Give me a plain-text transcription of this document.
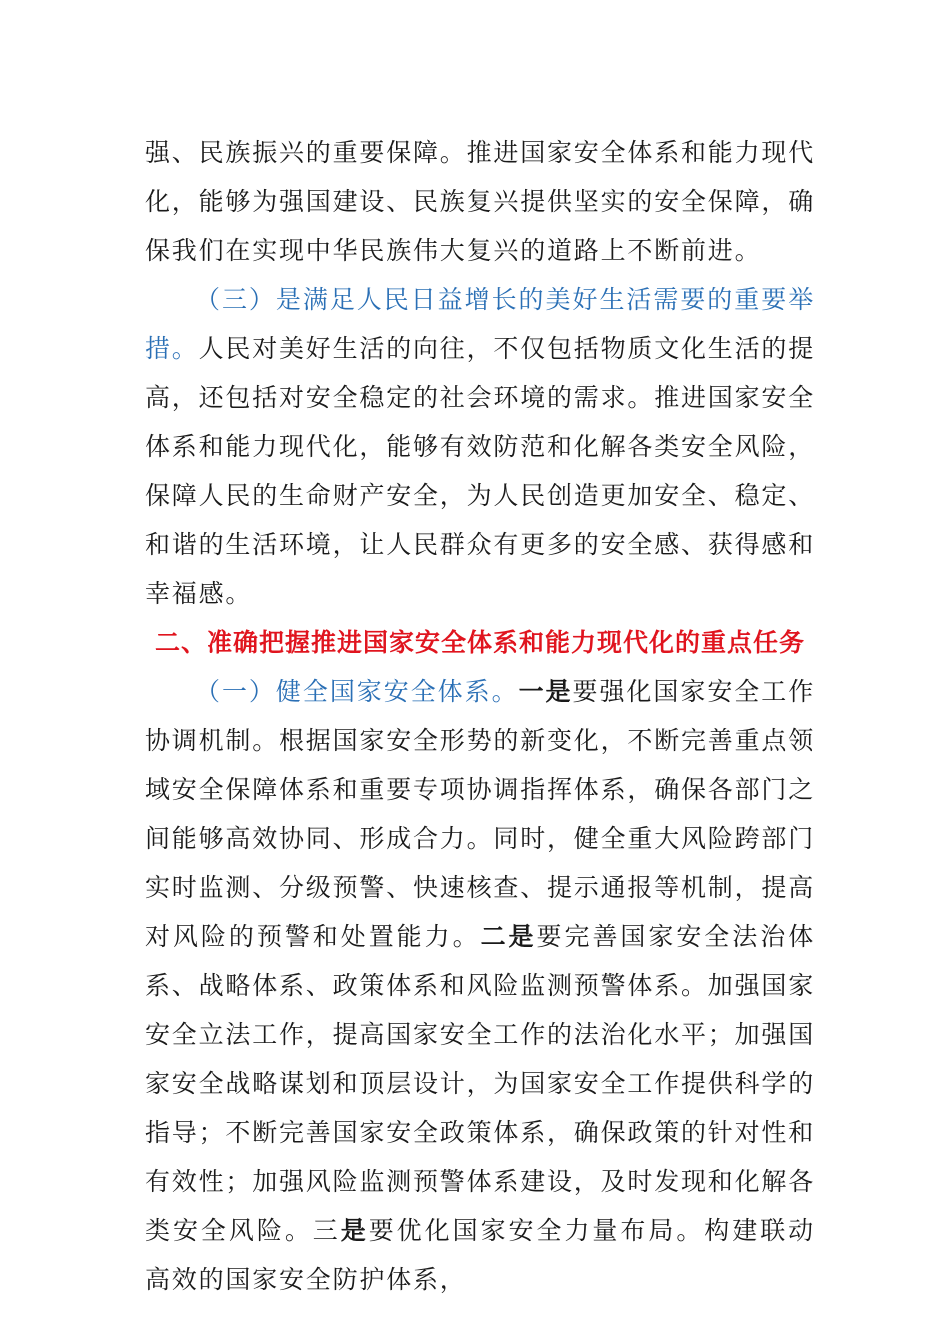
强、民族振兴的重要保障。推进国家安全体系和能力现代化，能够为强国建设、民族复兴提供坚实的安全保障，确保我们在实现中华民族伟大复兴的道路上不断前进。

（三）是满足人民日益增长的美好生活需要的重要举措。人民对美好生活的向往，不仅包括物质文化生活的提高，还包括对安全稳定的社会环境的需求。推进国家安全体系和能力现代化，能够有效防范和化解各类安全风险，保障人民的生命财产安全，为人民创造更加安全、稳定、和谐的生活环境，让人民群众有更多的安全感、获得感和幸福感。

二、准确把握推进国家安全体系和能力现代化的重点任务

（一）健全国家安全体系。一是要强化国家安全工作协调机制。根据国家安全形势的新变化，不断完善重点领域安全保障体系和重要专项协调指挥体系，确保各部门之间能够高效协同、形成合力。同时，健全重大风险跨部门实时监测、分级预警、快速核查、提示通报等机制，提高对风险的预警和处置能力。二是要完善国家安全法治体系、战略体系、政策体系和风险监测预警体系。加强国家安全立法工作，提高国家安全工作的法治化水平；加强国家安全战略谋划和顶层设计，为国家安全工作提供科学的指导；不断完善国家安全政策体系，确保政策的针对性和有效性；加强风险监测预警体系建设，及时发现和化解各类安全风险。三是要优化国家安全力量布局。构建联动高效的国家安全防护体系，
